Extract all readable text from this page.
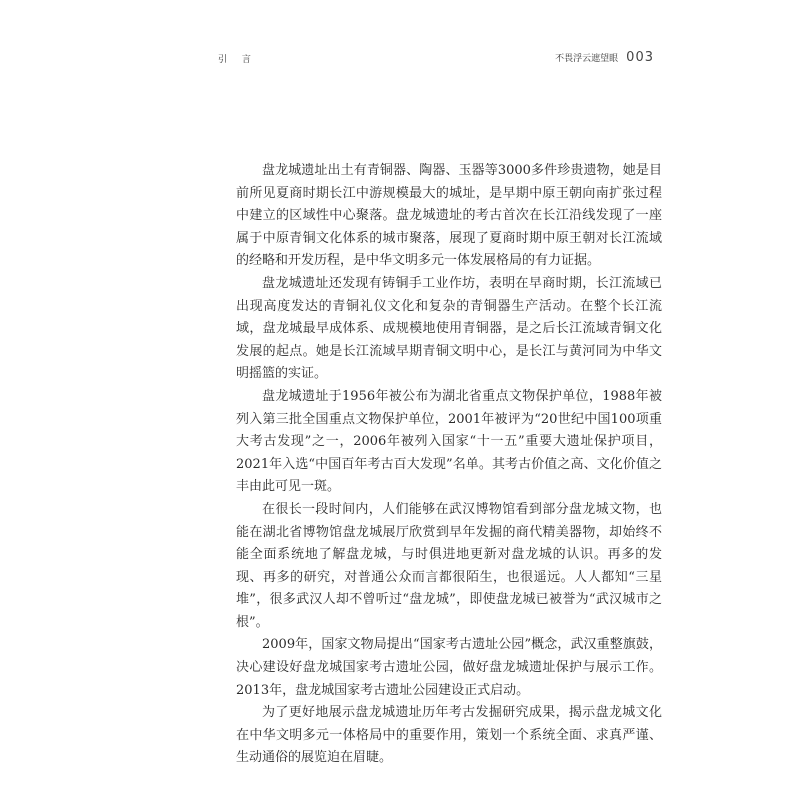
引 言	不畏浮云遮望眼 003

盘龙城遗址出土有青铜器、陶器、玉器等3000多件珍贵遗物，她是目前所见夏商时期长江中游规模最大的城址，是早期中原王朝向南扩张过程中建立的区域性中心聚落。盘龙城遗址的考古首次在长江沿线发现了一座属于中原青铜文化体系的城市聚落，展现了夏商时期中原王朝对长江流域的经略和开发历程，是中华文明多元一体发展格局的有力证据。

盘龙城遗址还发现有铸铜手工业作坊，表明在早商时期，长江流域已出现高度发达的青铜礼仪文化和复杂的青铜器生产活动。在整个长江流域，盘龙城最早成体系、成规模地使用青铜器，是之后长江流域青铜文化发展的起点。她是长江流域早期青铜文明中心，是长江与黄河同为中华文明摇篮的实证。

盘龙城遗址于1956年被公布为湖北省重点文物保护单位，1988年被列入第三批全国重点文物保护单位，2001年被评为“20世纪中国100项重大考古发现”之一，2006年被列入国家“十一五”重要大遗址保护项目，2021年入选“中国百年考古百大发现”名单。其考古价值之高、文化价值之丰由此可见一斑。

在很长一段时间内，人们能够在武汉博物馆看到部分盘龙城文物，也能在湖北省博物馆盘龙城展厅欣赏到早年发掘的商代精美器物，却始终不能全面系统地了解盘龙城，与时俱进地更新对盘龙城的认识。再多的发现、再多的研究，对普通公众而言都很陌生，也很遥远。人人都知“三星堆”，很多武汉人却不曾听过“盘龙城”，即使盘龙城已被誉为“武汉城市之根”。

2009年，国家文物局提出“国家考古遗址公园”概念，武汉重整旗鼓，决心建设好盘龙城国家考古遗址公园，做好盘龙城遗址保护与展示工作。2013年，盘龙城国家考古遗址公园建设正式启动。

为了更好地展示盘龙城遗址历年考古发掘研究成果，揭示盘龙城文化在中华文明多元一体格局中的重要作用，策划一个系统全面、求真严谨、生动通俗的展览迫在眉睫。
